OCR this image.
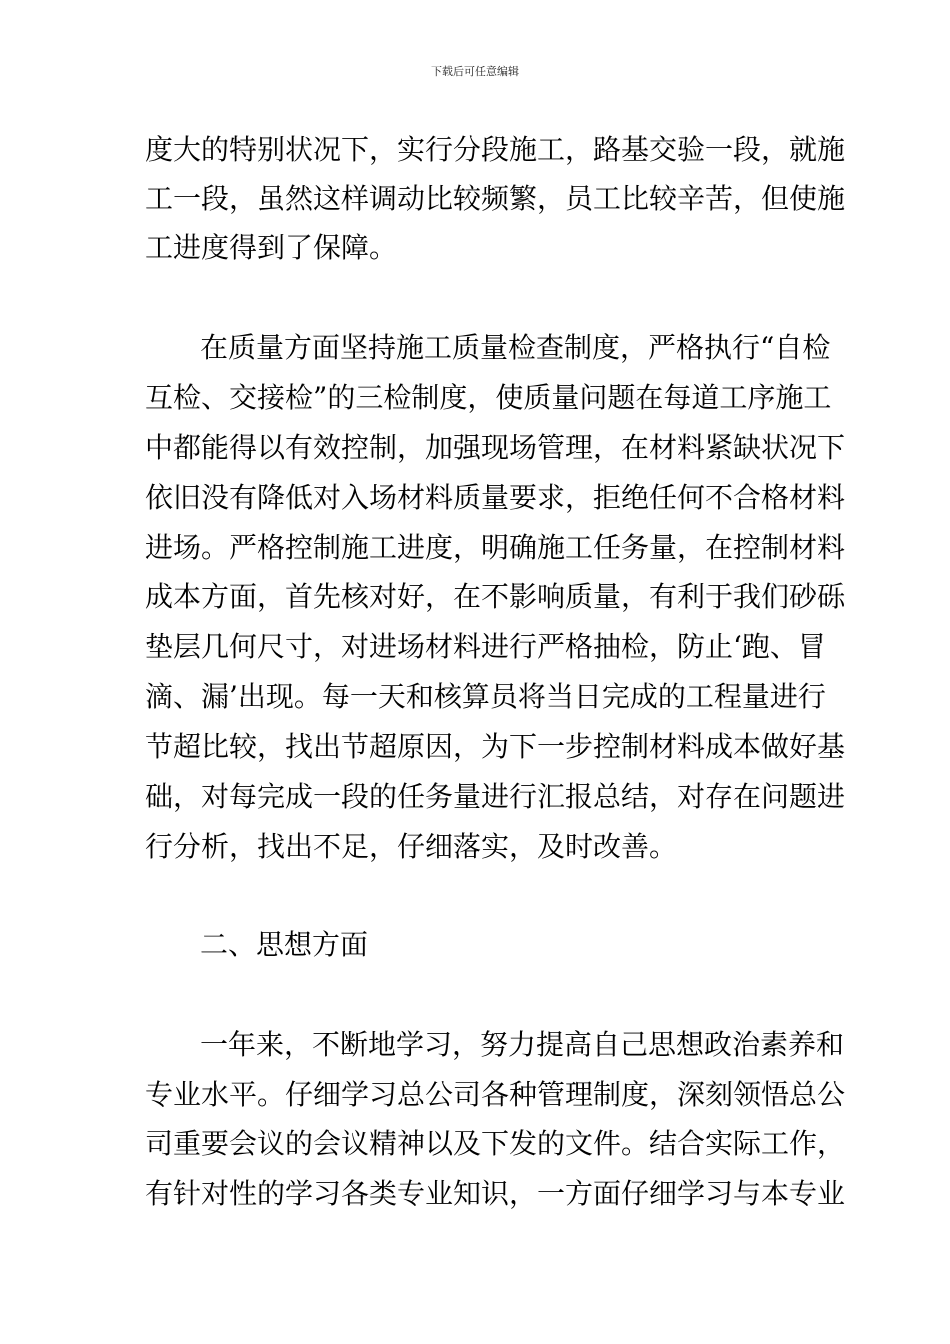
下载后可任意编辑
度大的特别状况下，实行分段施工，路基交验一段，就施
工一段，虽然这样调动比较频繁，员工比较辛苦，但使施
工进度得到了保障。
在质量方面坚持施工质量检查制度，严格执行“自检
互检、交接检”的三检制度，使质量问题在每道工序施工
中都能得以有效控制，加强现场管理，在材料紧缺状况下
依旧没有降低对入场材料质量要求，拒绝任何不合格材料
进场。严格控制施工进度，明确施工任务量，在控制材料
成本方面，首先核对好，在不影响质量，有利于我们砂砾
垫层几何尺寸，对进场材料进行严格抽检，防止‘跑、冒
滴、漏’出现。每一天和核算员将当日完成的工程量进行
节超比较，找出节超原因，为下一步控制材料成本做好基
础，对每完成一段的任务量进行汇报总结，对存在问题进
行分析，找出不足，仔细落实，及时改善。
二、思想方面
一年来，不断地学习，努力提高自己思想政治素养和
专业水平。仔细学习总公司各种管理制度，深刻领悟总公
司重要会议的会议精神以及下发的文件。结合实际工作，
有针对性的学习各类专业知识，一方面仔细学习与本专业
